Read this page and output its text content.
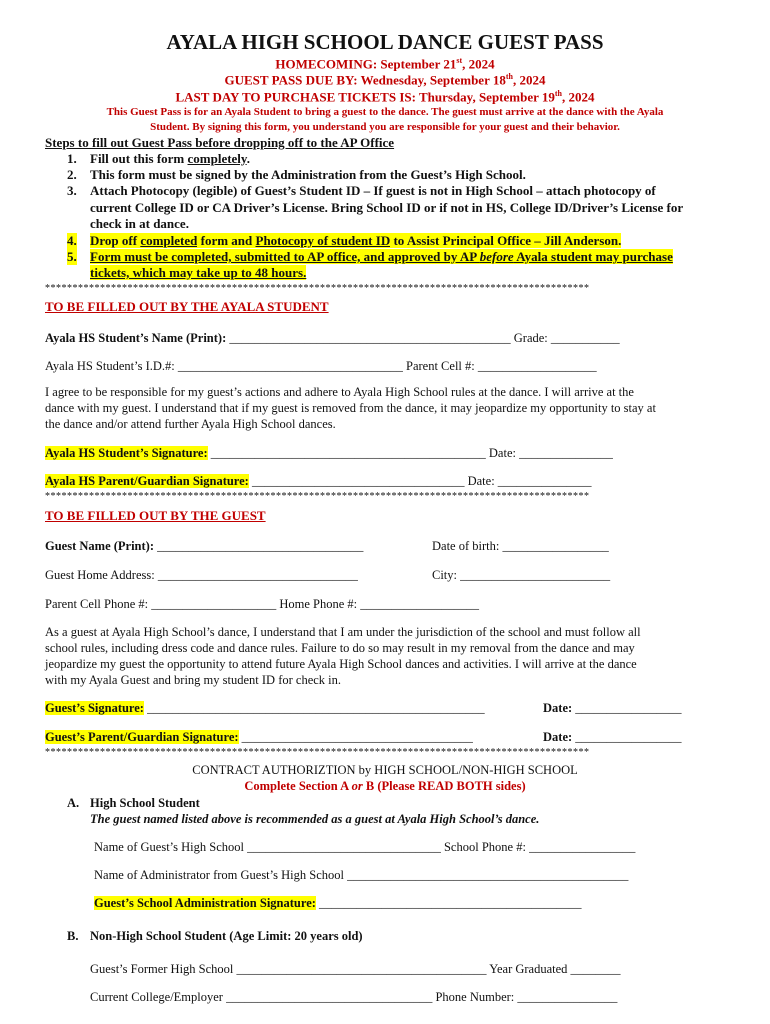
AYALA HIGH SCHOOL DANCE GUEST PASS
HOMECOMING: September 21st, 2024
GUEST PASS DUE BY: Wednesday, September 18th, 2024
LAST DAY TO PURCHASE TICKETS IS: Thursday, September 19th, 2024
This Guest Pass is for an Ayala Student to bring a guest to the dance. The guest must arrive at the dance with the Ayala
Student. By signing this form, you understand you are responsible for your guest and their behavior.
Steps to fill out Guest Pass before dropping off to the AP Office
1. Fill out this form completely.
2. This form must be signed by the Administration from the Guest’s High School.
3. Attach Photocopy (legible) of Guest’s Student ID – If guest is not in High School – attach photocopy of
current College ID or CA Driver’s License. Bring School ID or if not in HS, College ID/Driver’s License for
check in at dance.
4. Drop off completed form and Photocopy of student ID to Assist Principal Office – Jill Anderson.
5. Form must be completed, submitted to AP office, and approved by AP before Ayala student may purchase
tickets, which may take up to 48 hours.
***************************************************************************************************
TO BE FILLED OUT BY THE AYALA STUDENT
Ayala HS Student’s Name (Print): _____________________________________________ Grade: ___________
Ayala HS Student’s I.D.#: ____________________________________ Parent Cell #: ___________________
I agree to be responsible for my guest’s actions and adhere to Ayala High School rules at the dance. I will arrive at the
dance with my guest. I understand that if my guest is removed from the dance, it may jeopardize my opportunity to stay at
the dance and/or attend further Ayala High School dances.
Ayala HS Student’s Signature: ____________________________________________ Date: _______________
Ayala HS Parent/Guardian Signature: __________________________________ Date: _______________
***************************************************************************************************
TO BE FILLED OUT BY THE GUEST
Guest Name (Print): _________________________________	Date of birth: _________________
Guest Home Address: ________________________________	City: ________________________
Parent Cell Phone #: ____________________ Home Phone #: ___________________
As a guest at Ayala High School’s dance, I understand that I am under the jurisdiction of the school and must follow all
school rules, including dress code and dance rules. Failure to do so may result in my removal from the dance and may
jeopardize my guest the opportunity to attend future Ayala High School dances and activities. I will arrive at the dance
with my Ayala Guest and bring my student ID for check in.
Guest’s Signature: ______________________________________________________	Date: _________________
Guest’s Parent/Guardian Signature: _____________________________________	Date: _________________
***************************************************************************************************
CONTRACT AUTHORIZTION by HIGH SCHOOL/NON-HIGH SCHOOL
Complete Section A or B (Please READ BOTH sides)
A. High School Student
The guest named listed above is recommended as a guest at Ayala High School’s dance.
Name of Guest’s High School _______________________________ School Phone #: _________________
Name of Administrator from Guest’s High School _____________________________________________
Guest’s School Administration Signature: __________________________________________
B. Non-High School Student (Age Limit: 20 years old)
Guest’s Former High School ________________________________________ Year Graduated ________
Current College/Employer _________________________________ Phone Number: ________________
